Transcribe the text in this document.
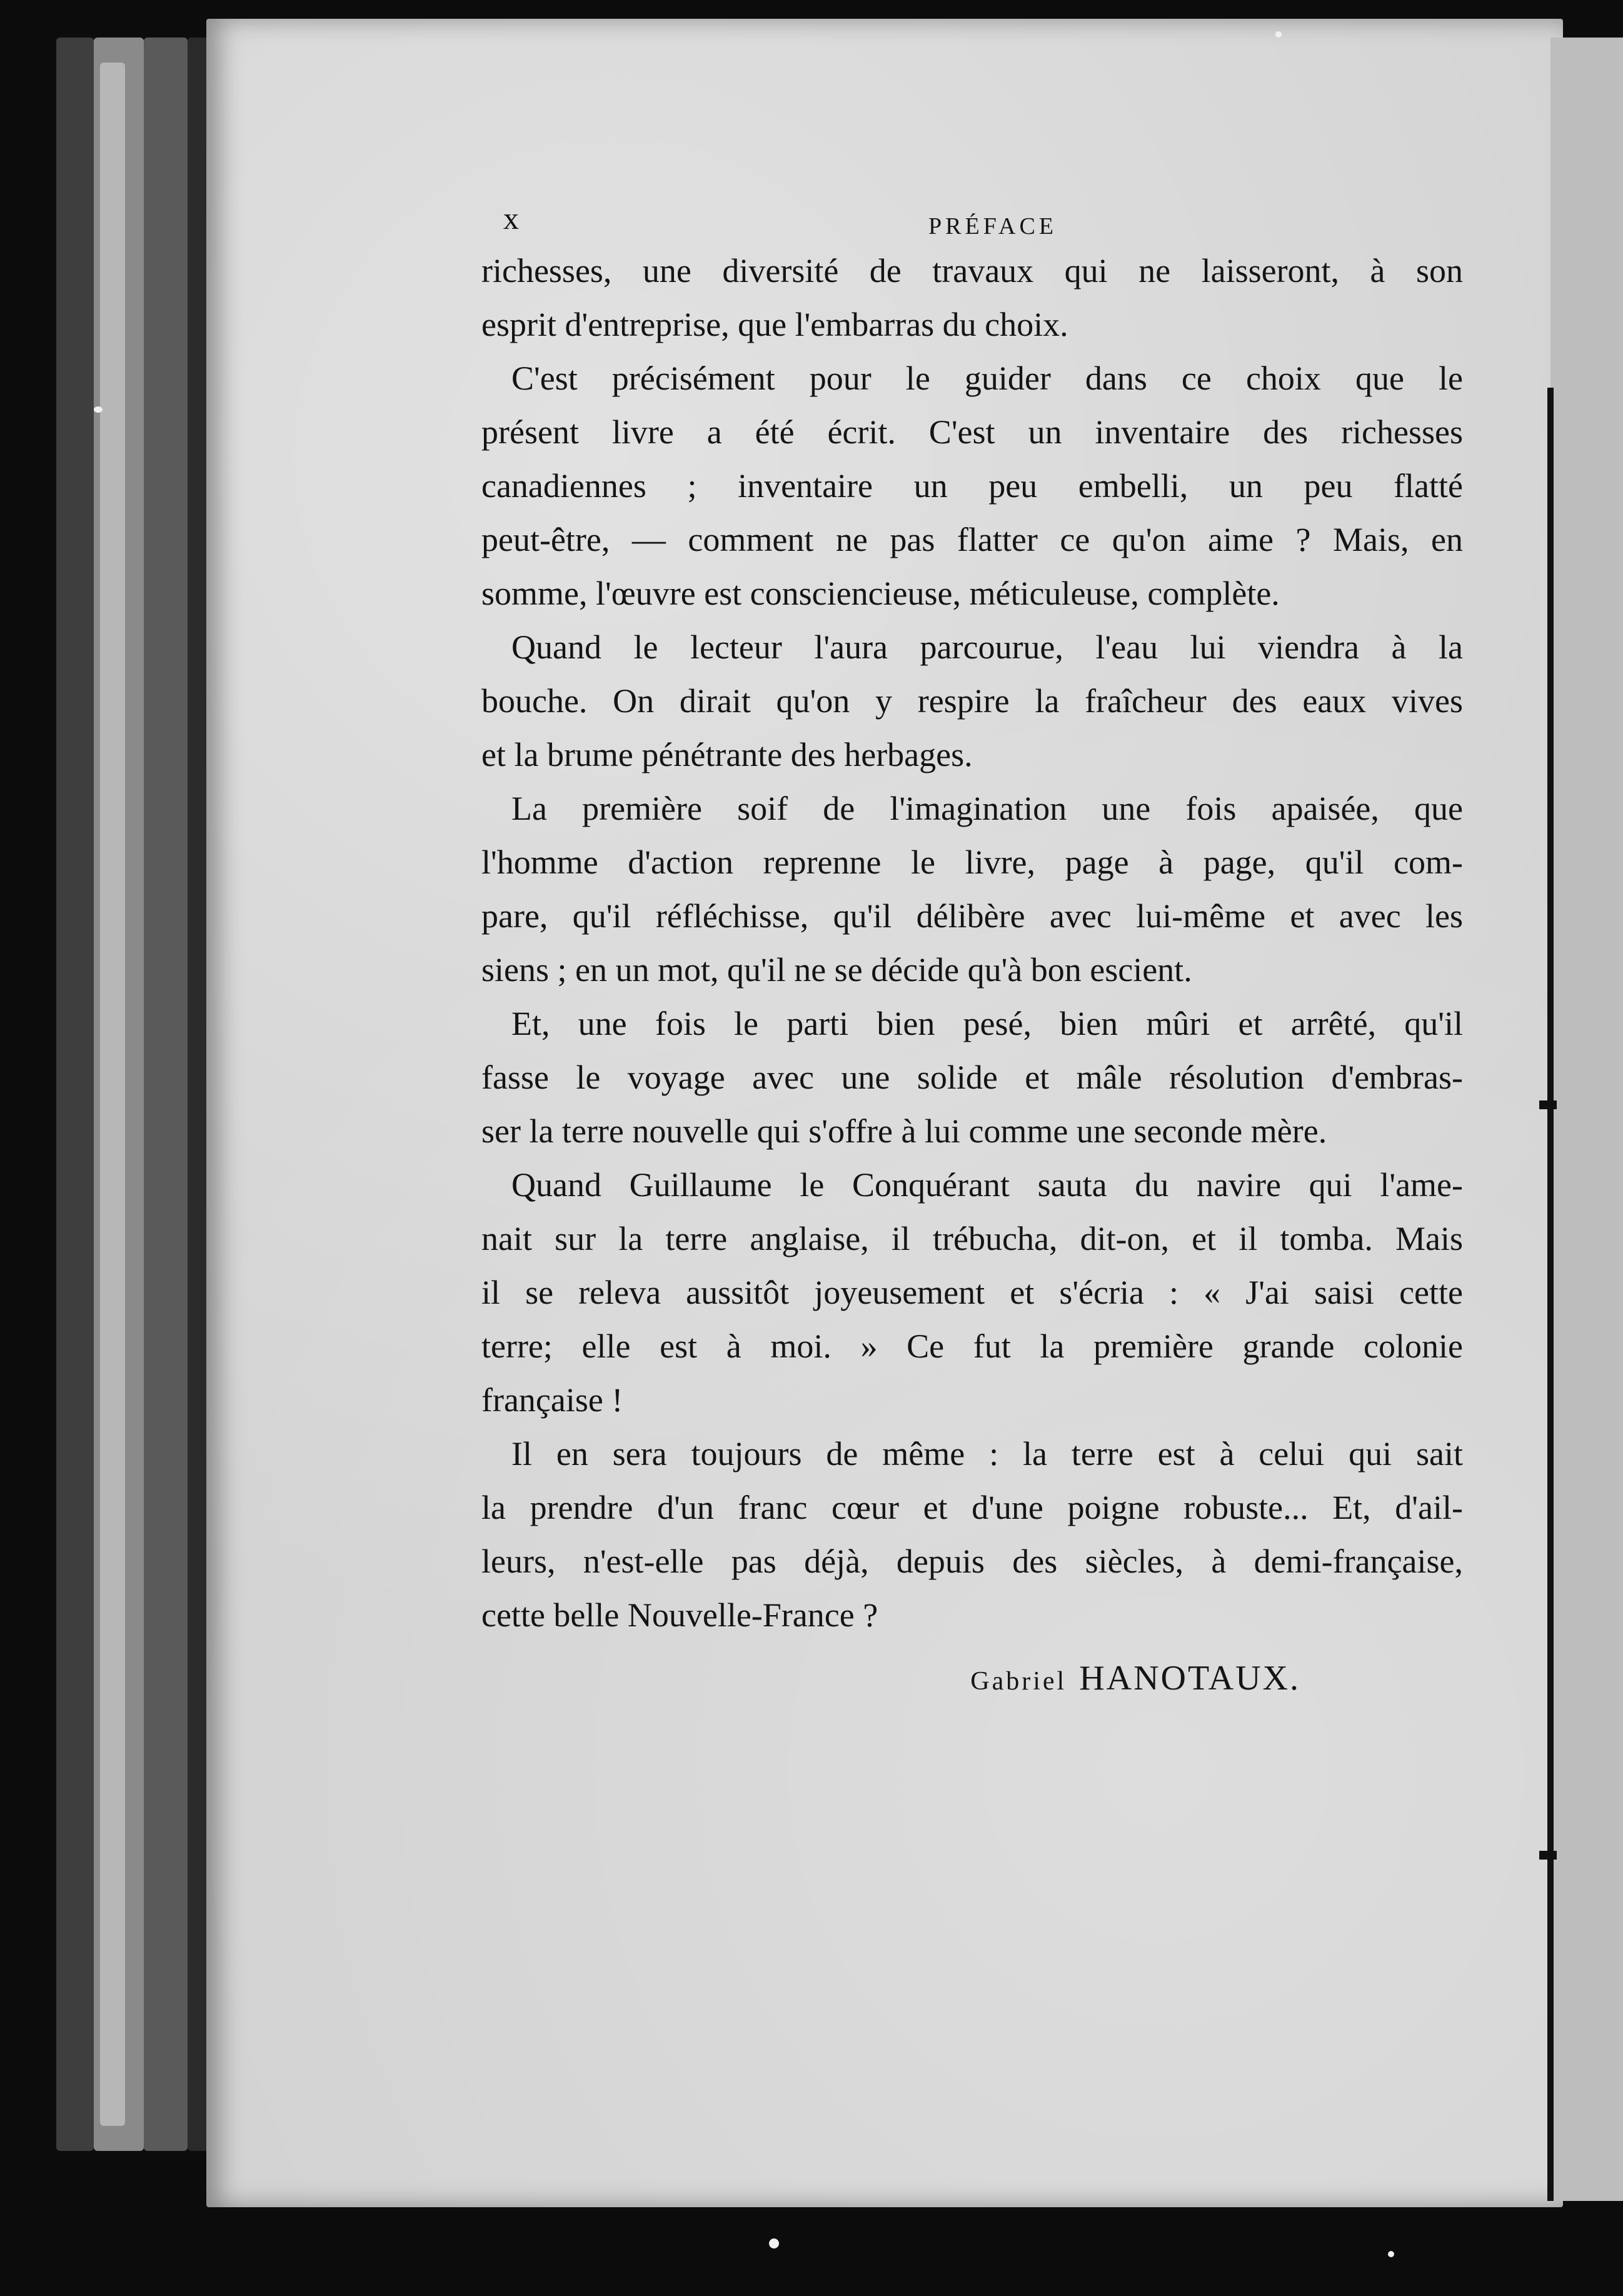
x	PRÉFACE

richesses, une diversité de travaux qui ne laisseront, à son
esprit d'entreprise, que l'embarras du choix.

C'est précisément pour le guider dans ce choix que le
présent livre a été écrit. C'est un inventaire des richesses
canadiennes ; inventaire un peu embelli, un peu flatté
peut-être, — comment ne pas flatter ce qu'on aime ? Mais, en
somme, l'œuvre est consciencieuse, méticuleuse, complète.

Quand le lecteur l'aura parcourue, l'eau lui viendra à la
bouche. On dirait qu'on y respire la fraîcheur des eaux vives
et la brume pénétrante des herbages.

La première soif de l'imagination une fois apaisée, que
l'homme d'action reprenne le livre, page à page, qu'il com-
pare, qu'il réfléchisse, qu'il délibère avec lui-même et avec les
siens ; en un mot, qu'il ne se décide qu'à bon escient.

Et, une fois le parti bien pesé, bien mûri et arrêté, qu'il
fasse le voyage avec une solide et mâle résolution d'embras-
ser la terre nouvelle qui s'offre à lui comme une seconde mère.

Quand Guillaume le Conquérant sauta du navire qui l'ame-
nait sur la terre anglaise, il trébucha, dit-on, et il tomba. Mais
il se releva aussitôt joyeusement et s'écria : « J'ai saisi cette
terre; elle est à moi. » Ce fut la première grande colonie
française !

Il en sera toujours de même : la terre est à celui qui sait
la prendre d'un franc cœur et d'une poigne robuste... Et, d'ail-
leurs, n'est-elle pas déjà, depuis des siècles, à demi-française,
cette belle Nouvelle-France ?

Gabriel HANOTAUX.
